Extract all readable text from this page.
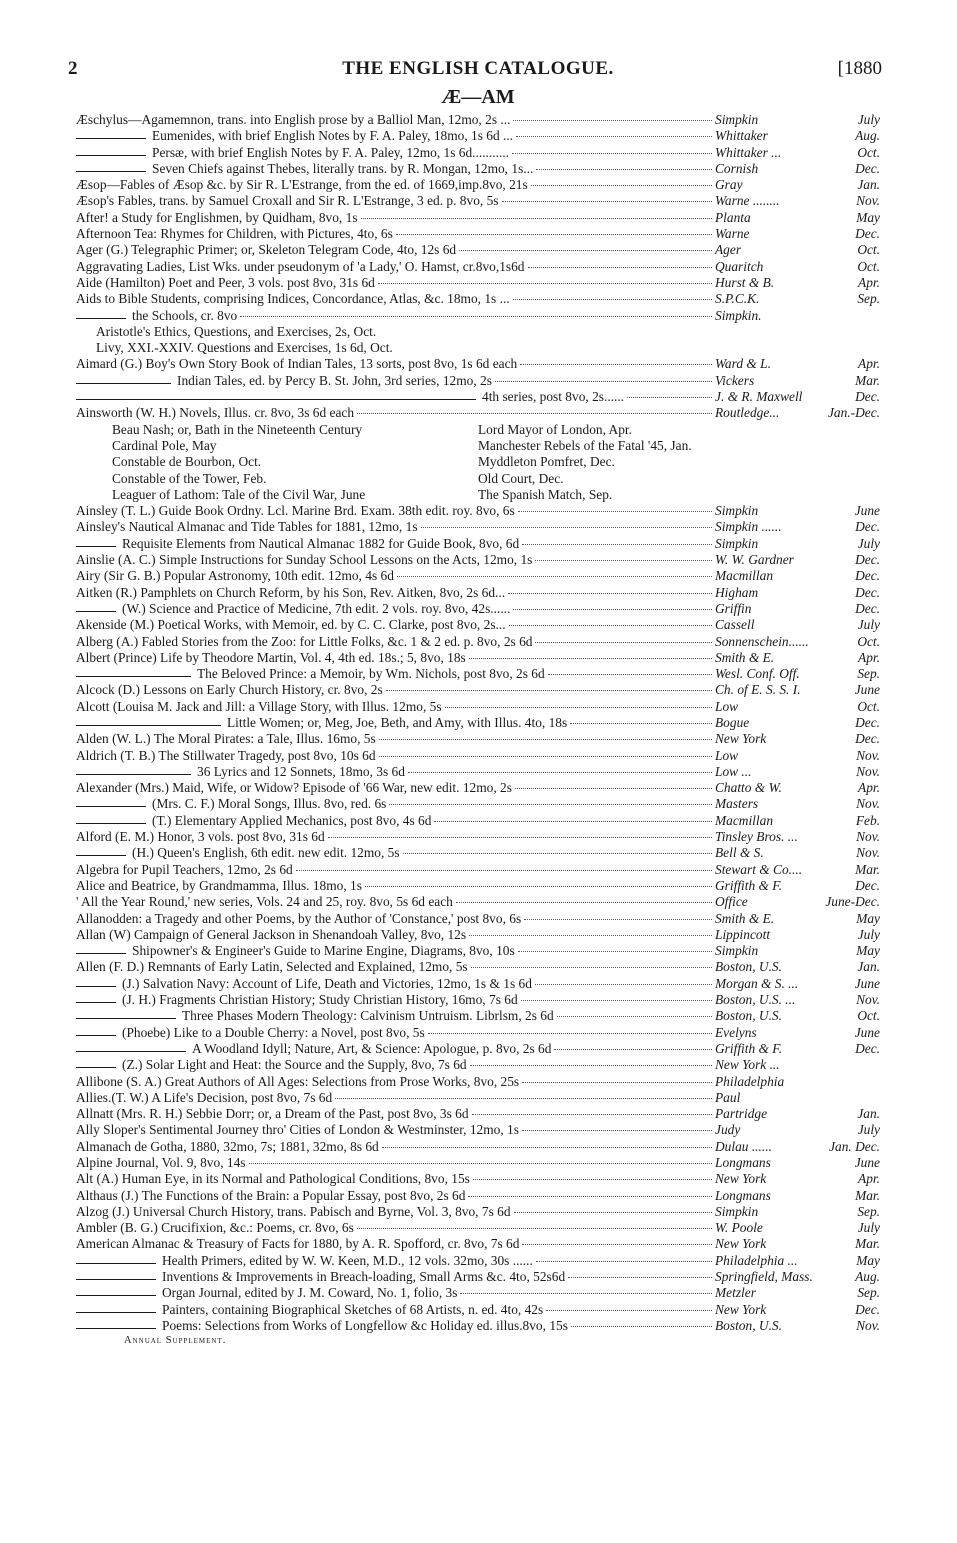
2	THE ENGLISH CATALOGUE.	[1880
Æ—AM
Æschylus—Agamemnon, trans. into English prose by a Balliol Man, 12mo, 2s ...	Simpkin	July
Eumenides, with brief English Notes by F. A. Paley, 18mo, 1s 6d ...	Whittaker	Aug.
Persæ, with brief English Notes by F. A. Paley, 12mo, 1s 6d...........	Whittaker ...	Oct.
Seven Chiefs against Thebes, literally trans. by R. Mongan, 12mo, 1s...	Cornish	Dec.
Æsop—Fables of Æsop &c. by Sir R. L'Estrange, from the ed. of 1669,imp.8vo, 21s	Gray	Jan.
Æsop's Fables, trans. by Samuel Croxall and Sir R. L'Estrange, 3 ed. p. 8vo, 5s	Warne ........	Nov.
After! a Study for Englishmen, by Quidham, 8vo, 1s	Planta	May
Afternoon Tea: Rhymes for Children, with Pictures, 4to, 6s	Warne	Dec.
Ager (G.) Telegraphic Primer; or, Skeleton Telegram Code, 4to, 12s 6d	Ager	Oct.
Aggravating Ladies, List Wks. under pseudonym of 'a Lady,' O. Hamst, cr.8vo,1s6d	Quaritch	Oct.
Aide (Hamilton) Poet and Peer, 3 vols. post 8vo, 31s 6d	Hurst & B.	Apr.
Aids to Bible Students, comprising Indices, Concordance, Atlas, &c. 18mo, 1s ...	S.P.C.K.	Sep.
the Schools, cr. 8vo	Simpkin.
Aristotle's Ethics, Questions, and Exercises, 2s, Oct.
Livy, XXI.-XXIV. Questions and Exercises, 1s 6d, Oct.
Aimard (G.) Boy's Own Story Book of Indian Tales, 13 sorts, post 8vo, 1s 6d each	Ward & L.	Apr.
Indian Tales, ed. by Percy B. St. John, 3rd series, 12mo, 2s	Vickers	Mar.
4th series, post 8vo, 2s......	J. & R. Maxwell	Dec.
Ainsworth (W. H.) Novels, Illus. cr. 8vo, 3s 6d each	Routledge...	Jan.-Dec.
Beau Nash; or, Bath in the Nineteenth Century	Lord Mayor of London, Apr.
Cardinal Pole, May	Manchester Rebels of the Fatal '45, Jan.
Constable de Bourbon, Oct.	Myddleton Pomfret, Dec.
Constable of the Tower, Feb.	Old Court, Dec.
Leaguer of Lathom: Tale of the Civil War, June	The Spanish Match, Sep.
Ainsley (T. L.) Guide Book Ordny. Lcl. Marine Brd. Exam. 38th edit. roy. 8vo, 6s	Simpkin	June
Ainsley's Nautical Almanac and Tide Tables for 1881, 12mo, 1s	Simpkin ......	Dec.
Requisite Elements from Nautical Almanac 1882 for Guide Book, 8vo, 6d	Simpkin	July
Ainslie (A. C.) Simple Instructions for Sunday School Lessons on the Acts, 12mo, 1s	W. W. Gardner	Dec.
Airy (Sir G. B.) Popular Astronomy, 10th edit. 12mo, 4s 6d	Macmillan	Dec.
Aitken (R.) Pamphlets on Church Reform, by his Son, Rev. Aitken, 8vo, 2s 6d...	Higham	Dec.
(W.) Science and Practice of Medicine, 7th edit. 2 vols. roy. 8vo, 42s......	Griffin	Dec.
Akenside (M.) Poetical Works, with Memoir, ed. by C. C. Clarke, post 8vo, 2s...	Cassell	July
Alberg (A.) Fabled Stories from the Zoo: for Little Folks, &c. 1 & 2 ed. p. 8vo, 2s 6d	Sonnenschein......	Oct.
Albert (Prince) Life by Theodore Martin, Vol. 4, 4th ed. 18s.; 5, 8vo, 18s	Smith & E.	Apr.
The Beloved Prince: a Memoir, by Wm. Nichols, post 8vo, 2s 6d	Wesl. Conf. Off.	Sep.
Alcock (D.) Lessons on Early Church History, cr. 8vo, 2s	Ch. of E. S. S. I.	June
Alcott (Louisa M. Jack and Jill: a Village Story, with Illus. 12mo, 5s	Low	Oct.
Little Women; or, Meg, Joe, Beth, and Amy, with Illus. 4to, 18s	Bogue	Dec.
Alden (W. L.) The Moral Pirates: a Tale, Illus. 16mo, 5s	New York	Dec.
Aldrich (T. B.) The Stillwater Tragedy, post 8vo, 10s 6d	Low	Nov.
36 Lyrics and 12 Sonnets, 18mo, 3s 6d	Low ...	Nov.
Alexander (Mrs.) Maid, Wife, or Widow? Episode of '66 War, new edit. 12mo, 2s	Chatto & W.	Apr.
(Mrs. C. F.) Moral Songs, Illus. 8vo, red. 6s	Masters	Nov.
(T.) Elementary Applied Mechanics, post 8vo, 4s 6d	Macmillan	Feb.
Alford (E. M.) Honor, 3 vols. post 8vo, 31s 6d	Tinsley Bros. ...	Nov.
(H.) Queen's English, 6th edit. new edit. 12mo, 5s	Bell & S.	Nov.
Algebra for Pupil Teachers, 12mo, 2s 6d	Stewart & Co....	Mar.
Alice and Beatrice, by Grandmamma, Illus. 18mo, 1s	Griffith & F.	Dec.
' All the Year Round,' new series, Vols. 24 and 25, roy. 8vo, 5s 6d each	Office	June-Dec.
Allanodden: a Tragedy and other Poems, by the Author of 'Constance,' post 8vo, 6s	Smith & E.	May
Allan (W) Campaign of General Jackson in Shenandoah Valley, 8vo, 12s	Lippincott	July
Shipowner's & Engineer's Guide to Marine Engine, Diagrams, 8vo, 10s	Simpkin	May
Allen (F. D.) Remnants of Early Latin, Selected and Explained, 12mo, 5s	Boston, U.S.	Jan.
(J.) Salvation Navy: Account of Life, Death and Victories, 12mo, 1s & 1s 6d	Morgan & S. ...	June
(J. H.) Fragments Christian History; Study Christian History, 16mo, 7s 6d	Boston, U.S. ...	Nov.
Three Phases Modern Theology: Calvinism Untruism. Librlsm, 2s 6d	Boston, U.S.	Oct.
(Phoebe) Like to a Double Cherry: a Novel, post 8vo, 5s	Evelyns	June
A Woodland Idyll; Nature, Art, & Science: Apologue, p. 8vo, 2s 6d	Griffith & F.	Dec.
(Z.) Solar Light and Heat: the Source and the Supply, 8vo, 7s 6d	New York ...
Allibone (S. A.) Great Authors of All Ages: Selections from Prose Works, 8vo, 25s	Philadelphia
Allies.(T. W.) A Life's Decision, post 8vo, 7s 6d	Paul
Allnatt (Mrs. R. H.) Sebbie Dorr; or, a Dream of the Past, post 8vo, 3s 6d	Partridge	Jan.
Ally Sloper's Sentimental Journey thro' Cities of London & Westminster, 12mo, 1s	Judy	July
Almanach de Gotha, 1880, 32mo, 7s; 1881, 32mo, 8s 6d	Dulau ......	Jan. Dec.
Alpine Journal, Vol. 9, 8vo, 14s	Longmans	June
Alt (A.) Human Eye, in its Normal and Pathological Conditions, 8vo, 15s	New York	Apr.
Althaus (J.) The Functions of the Brain: a Popular Essay, post 8vo, 2s 6d	Longmans	Mar.
Alzog (J.) Universal Church History, trans. Pabisch and Byrne, Vol. 3, 8vo, 7s 6d	Simpkin	Sep.
Ambler (B. G.) Crucifixion, &c.: Poems, cr. 8vo, 6s	W. Poole	July
American Almanac & Treasury of Facts for 1880, by A. R. Spofford, cr. 8vo, 7s 6d	New York	Mar.
Health Primers, edited by W. W. Keen, M.D., 12 vols. 32mo, 30s ......	Philadelphia ...	May
Inventions & Improvements in Breach-loading, Small Arms &c. 4to, 52s6d	Springfield, Mass.	Aug.
Organ Journal, edited by J. M. Coward, No. 1, folio, 3s	Metzler	Sep.
Painters, containing Biographical Sketches of 68 Artists, n. ed. 4to, 42s	New York	Dec.
Poems: Selections from Works of Longfellow &c Holiday ed. illus.8vo, 15s	Boston, U.S.	Nov.
Annual Supplement.
